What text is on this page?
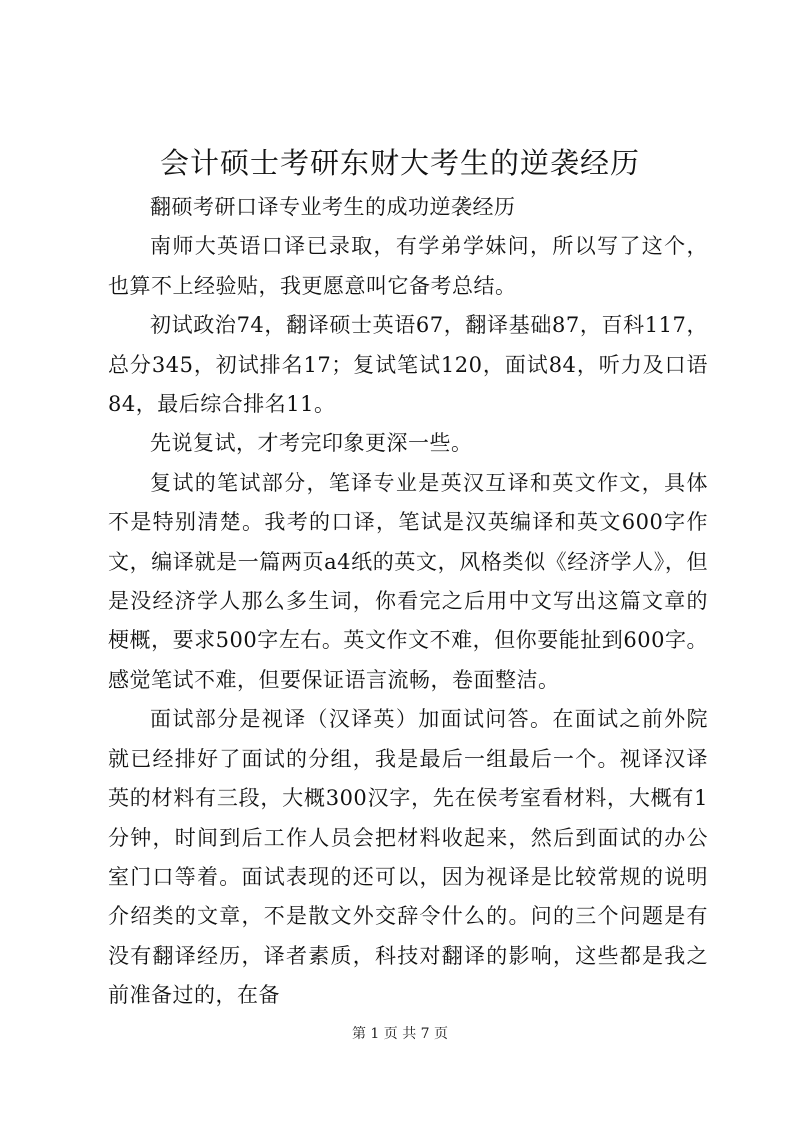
会计硕士考研东财大考生的逆袭经历

翻硕考研口译专业考生的成功逆袭经历

南师大英语口译已录取，有学弟学妹问，所以写了这个，也算不上经验贴，我更愿意叫它备考总结。

初试政治74，翻译硕士英语67，翻译基础87，百科117，总分345，初试排名17；复试笔试120，面试84，听力及口语84，最后综合排名11。

先说复试，才考完印象更深一些。

复试的笔试部分，笔译专业是英汉互译和英文作文，具体不是特别清楚。我考的口译，笔试是汉英编译和英文600字作文，编译就是一篇两页a4纸的英文，风格类似《经济学人》，但是没经济学人那么多生词，你看完之后用中文写出这篇文章的梗概，要求500字左右。英文作文不难，但你要能扯到600字。感觉笔试不难，但要保证语言流畅，卷面整洁。

面试部分是视译（汉译英）加面试问答。在面试之前外院就已经排好了面试的分组，我是最后一组最后一个。视译汉译英的材料有三段，大概300汉字，先在侯考室看材料，大概有1分钟，时间到后工作人员会把材料收起来，然后到面试的办公室门口等着。面试表现的还可以，因为视译是比较常规的说明介绍类的文章，不是散文外交辞令什么的。问的三个问题是有没有翻译经历，译者素质，科技对翻译的影响，这些都是我之前准备过的，在备

第 1 页 共 7 页
